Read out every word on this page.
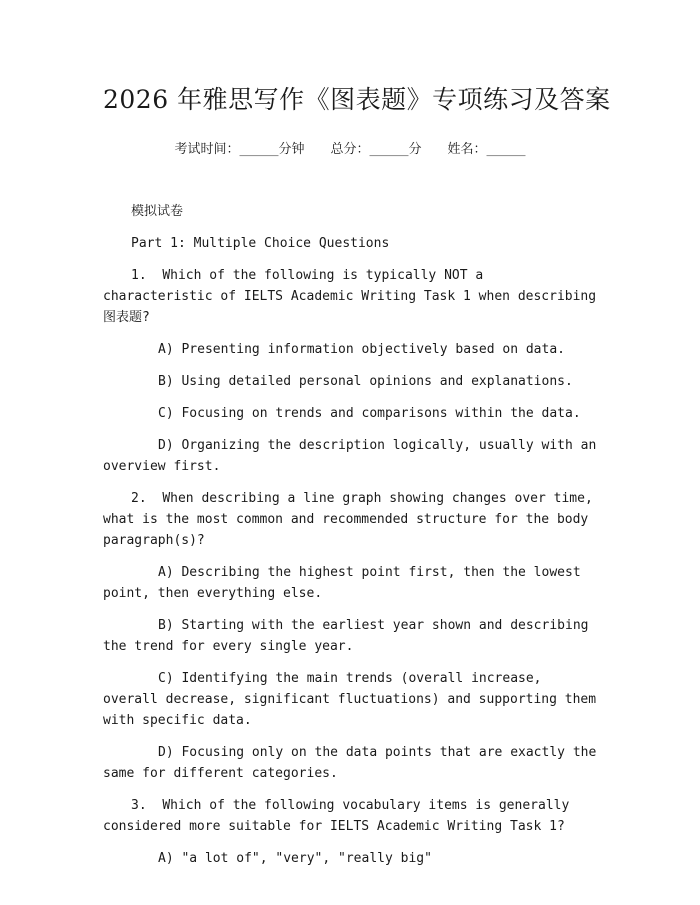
2026 年雅思写作《图表题》专项练习及答案
考试时间：______分钟 总分：______分 姓名：______
模拟试卷
Part 1: Multiple Choice Questions

1. Which of the following is typically NOT a characteristic of IELTS Academic Writing Task 1 when describing 图表题?

A) Presenting information objectively based on data.

B) Using detailed personal opinions and explanations.

C) Focusing on trends and comparisons within the data.

D) Organizing the description logically, usually with an overview first.

2. When describing a line graph showing changes over time, what is the most common and recommended structure for the body paragraph(s)?

A) Describing the highest point first, then the lowest point, then everything else.

B) Starting with the earliest year shown and describing the trend for every single year.

C) Identifying the main trends (overall increase, overall decrease, significant fluctuations) and supporting them with specific data.

D) Focusing only on the data points that are exactly the same for different categories.

3. Which of the following vocabulary items is generally considered more suitable for IELTS Academic Writing Task 1?

A) "a lot of", "very", "really big"
